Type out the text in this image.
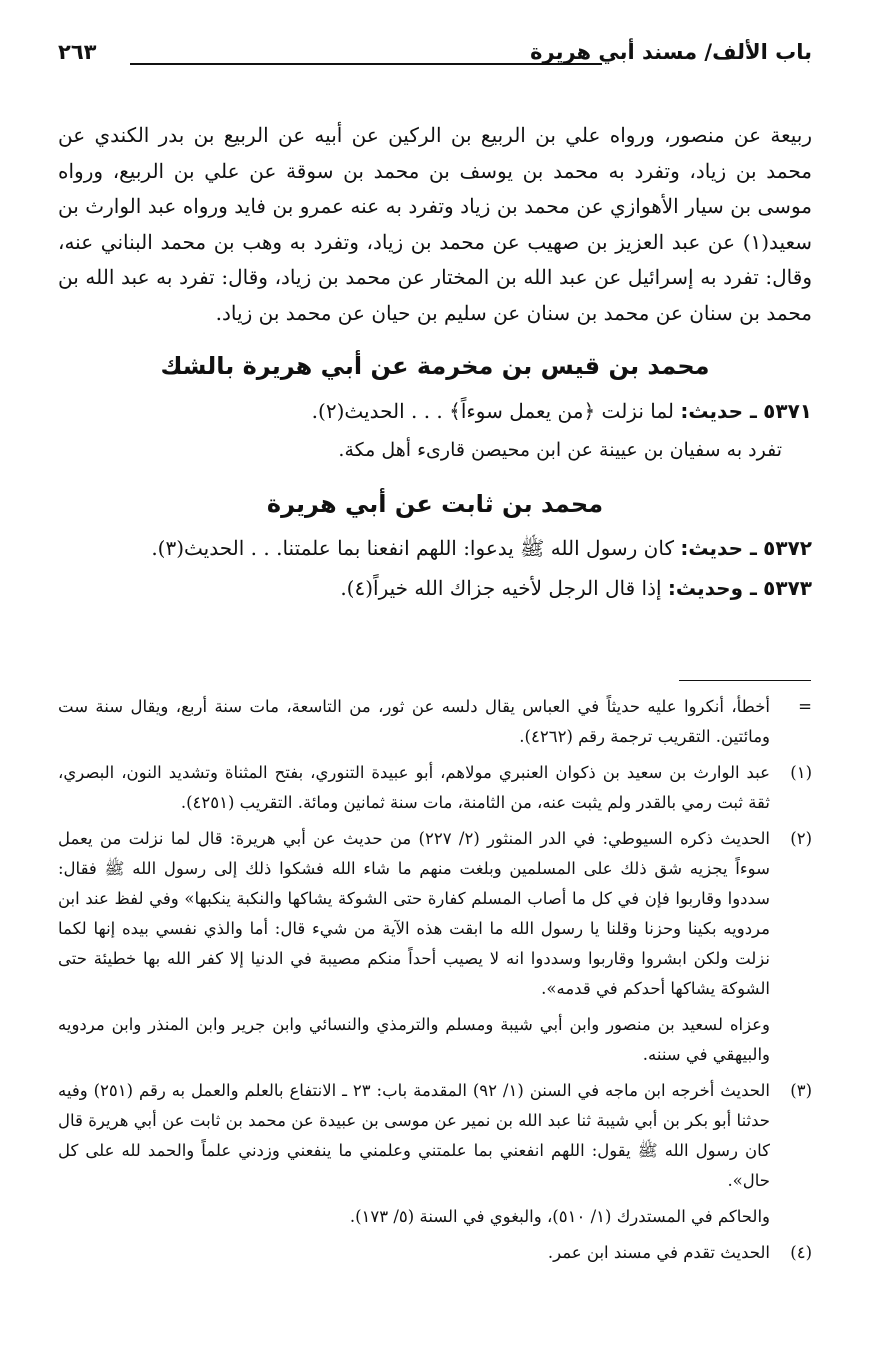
باب الألف/ مسند أبي هريرة
٢٦٣

ربيعة عن منصور، ورواه علي بن الربيع بن الركين عن أبيه عن الربيع بن بدر الكندي عن محمد بن زياد، وتفرد به محمد بن يوسف بن محمد بن سوقة عن علي بن الربيع، ورواه موسى بن سيار الأهوازي عن محمد بن زياد وتفرد به عنه عمرو بن فايد ورواه عبد الوارث بن سعيد(١) عن عبد العزيز بن صهيب عن محمد بن زياد، وتفرد به وهب بن محمد البناني عنه، وقال: تفرد به إسرائيل عن عبد الله بن المختار عن محمد بن زياد، وقال: تفرد به عبد الله بن محمد بن سنان عن محمد بن سنان عن سليم بن حيان عن محمد بن زياد.

محمد بن قيس بن مخرمة عن أبي هريرة بالشك

٥٣٧١ ـ حديث: لما نزلت ﴿من يعمل سوءاً﴾ . . . الحديث(٢).

تفرد به سفيان بن عيينة عن ابن محيصن قارىء أهل مكة.

محمد بن ثابت عن أبي هريرة

٥٣٧٢ ـ حديث: كان رسول الله ﷺ يدعوا: اللهم انفعنا بما علمتنا. . . الحديث(٣).

٥٣٧٣ ـ وحديث: إذا قال الرجل لأخيه جزاك الله خيراً(٤).

=
أخطأ، أنكروا عليه حديثاً في العباس يقال دلسه عن ثور، من التاسعة، مات سنة أربع، ويقال سنة ست ومائتين. التقريب ترجمة رقم (٤٢٦٢).

(١)
عبد الوارث بن سعيد بن ذكوان العنبري مولاهم، أبو عبيدة التنوري، بفتح المثناة وتشديد النون، البصري، ثقة ثبت رمي بالقدر ولم يثبت عنه، من الثامنة، مات سنة ثمانين ومائة. التقريب (٤٢٥١).

(٢)
الحديث ذكره السيوطي: في الدر المنثور (٢/ ٢٢٧) من حديث عن أبي هريرة: قال لما نزلت من يعمل سوءاً يجزيه شق ذلك على المسلمين وبلغت منهم ما شاء الله فشكوا ذلك إلى رسول الله ﷺ فقال: سددوا وقاربوا فإن في كل ما أصاب المسلم كفارة حتى الشوكة يشاكها والنكبة ينكبها» وفي لفظ عند ابن مردويه بكينا وحزنا وقلنا يا رسول الله ما ابقت هذه الآية من شيء قال: أما والذي نفسي بيده إنها لكما نزلت ولكن ابشروا وقاربوا وسددوا انه لا يصيب أحداً منكم مصيبة في الدنيا إلا كفر الله بها خطيئة حتى الشوكة يشاكها أحدكم في قدمه».

وعزاه لسعيد بن منصور وابن أبي شيبة ومسلم والترمذي والنسائي وابن جرير وابن المنذر وابن مردويه والبيهقي في سننه.

(٣)
الحديث أخرجه ابن ماجه في السنن (١/ ٩٢) المقدمة باب: ٢٣ ـ الانتفاع بالعلم والعمل به رقم (٢٥١) وفيه حدثنا أبو بكر بن أبي شيبة ثنا عبد الله بن نمير عن موسى بن عبيدة عن محمد بن ثابت عن أبي هريرة قال كان رسول الله ﷺ يقول: اللهم انفعني بما علمتني وعلمني ما ينفعني وزدني علماً والحمد لله على كل حال».

والحاكم في المستدرك (١/ ٥١٠)، والبغوي في السنة (٥/ ١٧٣).

(٤)
الحديث تقدم في مسند ابن عمر.
